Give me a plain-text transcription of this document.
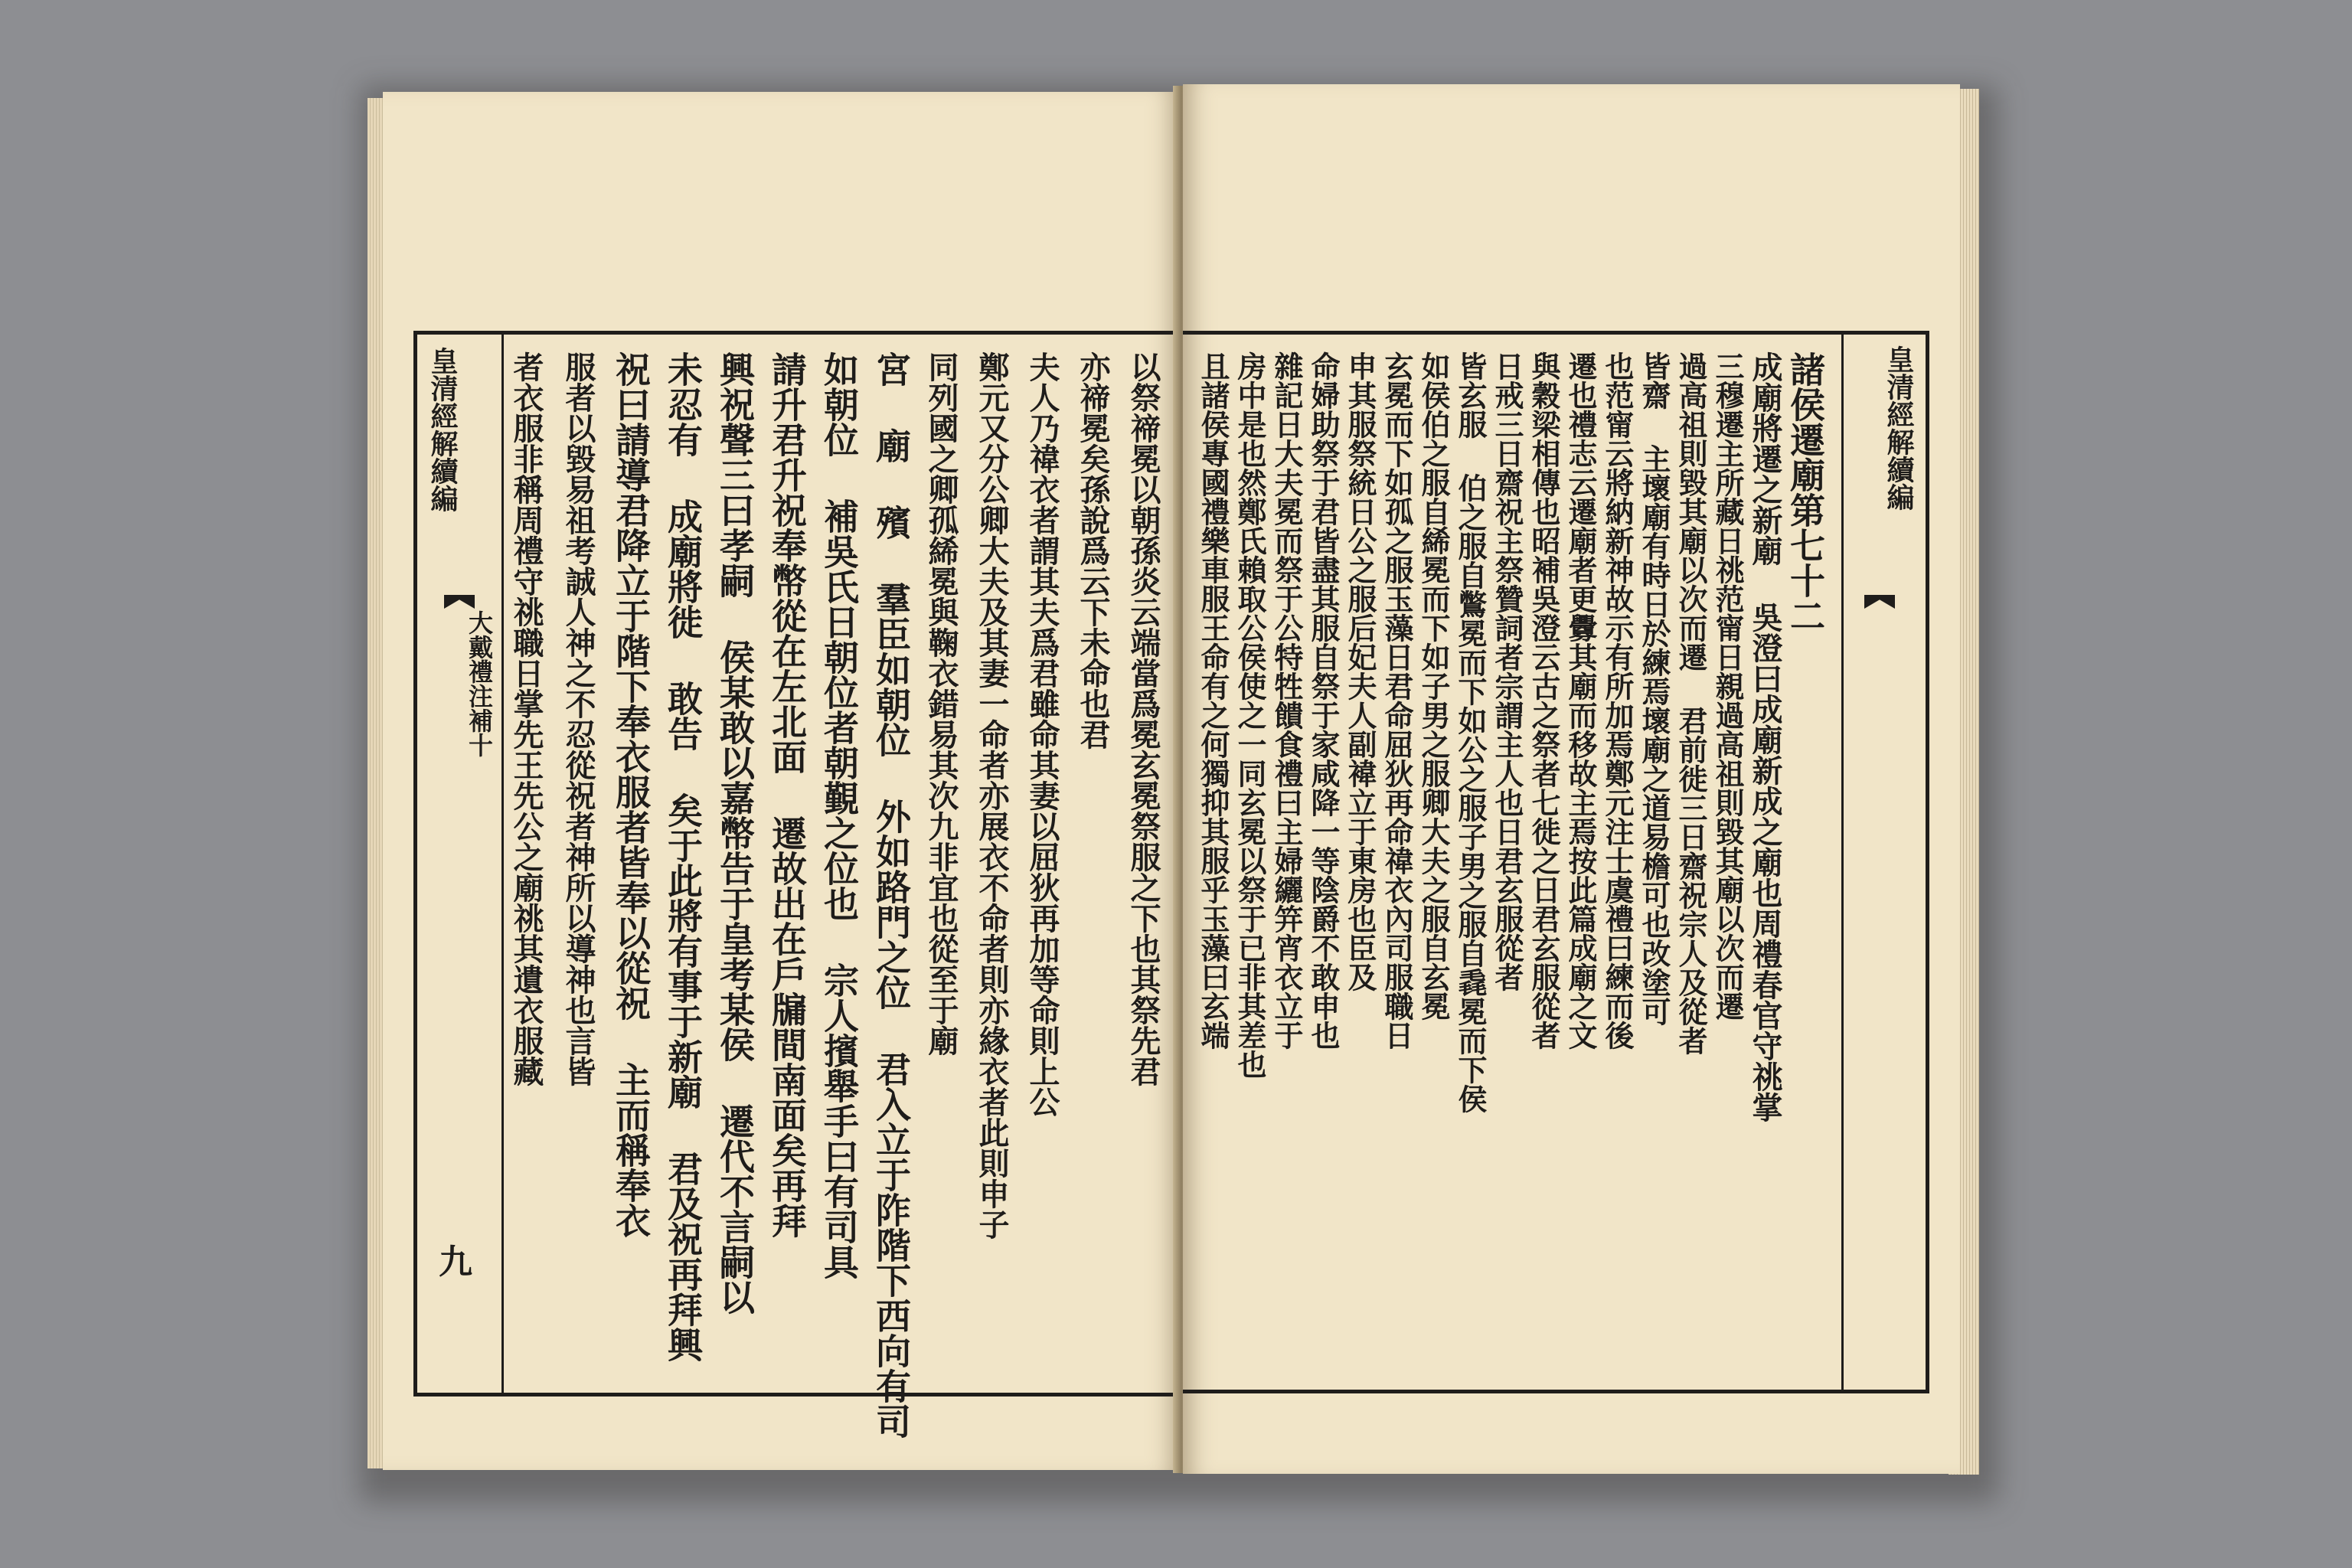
皇清經解續編
大戴禮注補十
九
者衣服非稱周禮守祧職日掌先王先公之廟祧其遺衣服藏 服者以毀易祖考誠人神之不忍從祝者神所以導神也言皆 祝曰請導君降立于階下奉衣服者皆奉以從祝 主而稱奉衣 未忍有 成廟將徙 敢告 矣于此將有事于新廟 君及祝再拜興 興祝聲三曰孝嗣 侯某敢以嘉幣告于皇考某侯 遷代不言嗣以 請升君升祝奉幣從在左北面 遷故出在戶牖間南面矣再拜 如朝位 補吳氏日朝位者朝覲之位也 宗人擯舉手曰有司具 宮 廟 殯 羣臣如朝位 外如路門之位 君入立于阼階下西向有司 同列國之卿孤絺冕與鞠衣錯易其次九非宜也從至于廟 鄭元又分公卿大夫及其妻一命者亦展衣不命者則亦緣衣者此則申子 夫人乃禕衣者謂其夫爲君雖命其妻以屈狄再加等命則上公 亦禘冕矣孫說爲云下未命也君 以祭禘冕以朝孫炎云端當爲冕玄冕祭服之下也其祭先君	皇清經解續編
諸侯遷廟第七十二
成廟將遷之新廟 吳澄曰成廟新成之廟也周禮春官守祧掌
三穆遷主所藏日祧范甯日親過高祖則毀其廟以次而遷
過高祖則毀其廟以次而遷 君前徙三日齋祝宗人及從者
皆齋 主壞廟有時日於練焉壞廟之道易檐可也改塗可
也范甯云將納新神故示有所加焉鄭元注士虞禮曰練而後
遷也禮志云遷廟者更釁其廟而移故主焉按此篇成廟之文
與穀梁相傳也昭補吳澄云古之祭者七徙之日君玄服從者
日戒三日齋祝主祭贊詞者宗謂主人也日君玄服從者
皆玄服 伯之服自鷩冕而下如公之服子男之服自毳冕而下侯
如侯伯之服自絺冕而下如子男之服卿大夫之服自玄冕
玄冕而下如孤之服玉藻日君命屈狄再命禕衣內司服職日
申其服祭統日公之服后妃夫人副褘立于東房也臣及
命婦助祭于君皆盡其服自祭于家咸降一等陰爵不敢申也
雜記日大夫冕而祭于公特牲饋食禮曰主婦纚笄宵衣立于
房中是也然鄭氏賴取公侯使之一同玄冕以祭于已非其差也
且諸侯專國禮樂車服王命有之何獨抑其服乎玉藻曰玄端
